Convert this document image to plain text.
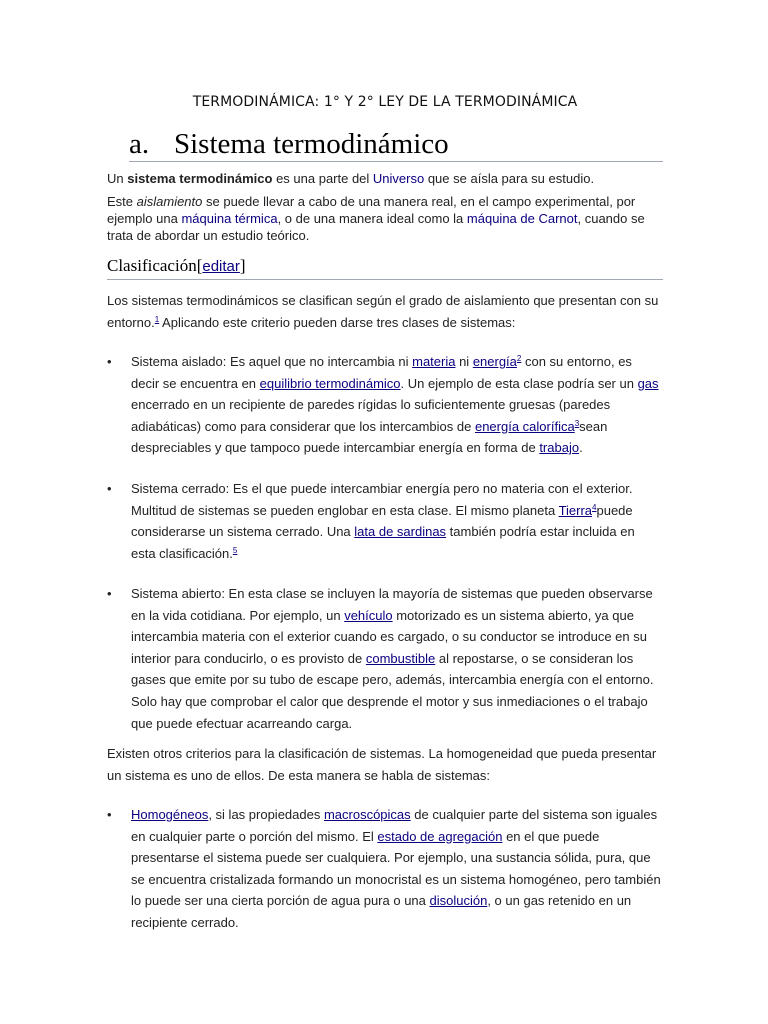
TERMODINÁMICA: 1° Y 2° LEY DE LA TERMODINÁMICA
a. Sistema termodinámico
Un sistema termodinámico es una parte del Universo que se aísla para su estudio.
Este aislamiento se puede llevar a cabo de una manera real, en el campo experimental, por ejemplo una máquina térmica, o de una manera ideal como la máquina de Carnot, cuando se trata de abordar un estudio teórico.
Clasificación[editar]
Los sistemas termodinámicos se clasifican según el grado de aislamiento que presentan con su entorno.$^1$ Aplicando este criterio pueden darse tres clases de sistemas:
• Sistema aislado: Es aquel que no intercambia ni materia ni energía$^2$ con su entorno, es decir se encuentra en equilibrio termodinámico. Un ejemplo de esta clase podría ser un gas encerrado en un recipiente de paredes rígidas lo suficientemente gruesas (paredes adiabáticas) como para considerar que los intercambios de energía calorífica$^3$sean despreciables y que tampoco puede intercambiar energía en forma de trabajo.
• Sistema cerrado: Es el que puede intercambiar energía pero no materia con el exterior. Multitud de sistemas se pueden englobar en esta clase. El mismo planeta Tierra$^4$puede considerarse un sistema cerrado. Una lata de sardinas también podría estar incluida en esta clasificación.$^5$
• Sistema abierto: En esta clase se incluyen la mayoría de sistemas que pueden observarse en la vida cotidiana. Por ejemplo, un vehículo motorizado es un sistema abierto, ya que intercambia materia con el exterior cuando es cargado, o su conductor se introduce en su interior para conducirlo, o es provisto de combustible al repostarse, o se consideran los gases que emite por su tubo de escape pero, además, intercambia energía con el entorno. Solo hay que comprobar el calor que desprende el motor y sus inmediaciones o el trabajo que puede efectuar acarreando carga.
Existen otros criterios para la clasificación de sistemas. La homogeneidad que pueda presentar un sistema es uno de ellos. De esta manera se habla de sistemas:
• Homogéneos, si las propiedades macroscópicas de cualquier parte del sistema son iguales en cualquier parte o porción del mismo. El estado de agregación en el que puede presentarse el sistema puede ser cualquiera. Por ejemplo, una sustancia sólida, pura, que se encuentra cristalizada formando un monocristal es un sistema homogéneo, pero también lo puede ser una cierta porción de agua pura o una disolución, o un gas retenido en un recipiente cerrado.
